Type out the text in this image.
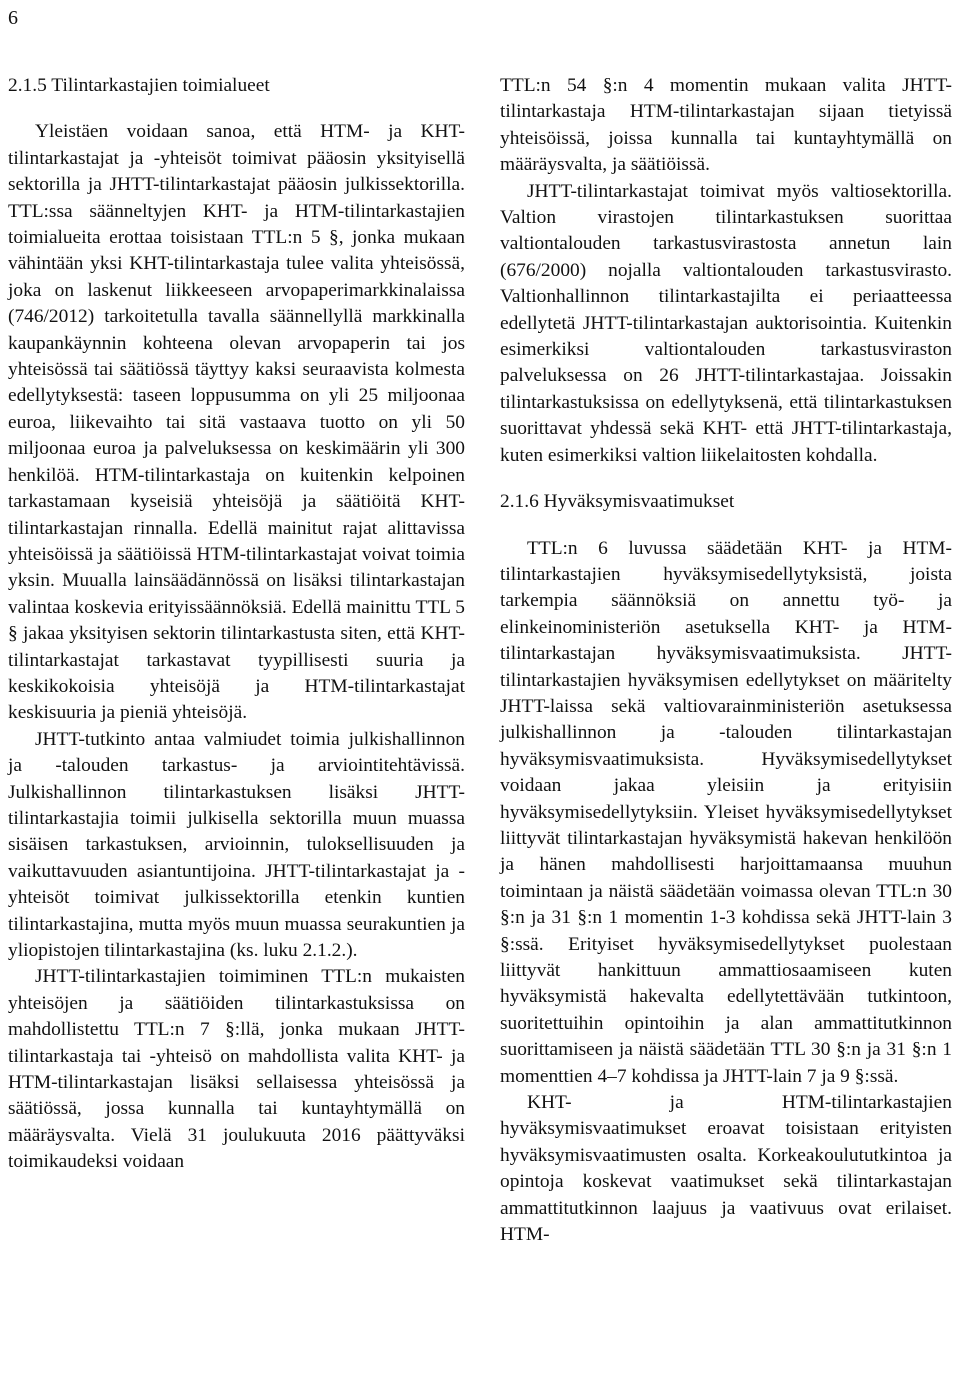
6
2.1.5 Tilintarkastajien toimialueet

Yleistäen voidaan sanoa, että HTM- ja KHT-tilintarkastajat ja -yhteisöt toimivat pääosin yksityisellä sektorilla ja JHTT-tilintarkastajat pääosin julkissektorilla. TTL:ssa säänneltyjen KHT- ja HTM-tilintarkastajien toimialueita erottaa toisistaan TTL:n 5 §, jonka mukaan vähintään yksi KHT-tilintarkastaja tulee valita yhteisössä, joka on laskenut liikkeeseen arvopaperimarkkinalaissa (746/2012) tarkoitetulla tavalla säännellyllä markkinalla kaupankäynnin kohteena olevan arvopaperin tai jos yhteisössä tai säätiössä täyttyy kaksi seuraavista kolmesta edellytyksestä: taseen loppusumma on yli 25 miljoonaa euroa, liikevaihto tai sitä vastaava tuotto on yli 50 miljoonaa euroa ja palveluksessa on keskimäärin yli 300 henkilöä. HTM-tilintarkastaja on kuitenkin kelpoinen tarkastamaan kyseisiä yhteisöjä ja säätiöitä KHT-tilintarkastajan rinnalla. Edellä mainitut rajat alittavissa yhteisöissä ja säätiöissä HTM-tilintarkastajat voivat toimia yksin. Muualla lainsäädännössä on lisäksi tilintarkastajan valintaa koskevia erityissäännöksiä. Edellä mainittu TTL 5 § jakaa yksityisen sektorin tilintarkastusta siten, että KHT-tilintarkastajat tarkastavat tyypillisesti suuria ja keskikokoisia yhteisöjä ja HTM-tilintarkastajat keskisuuria ja pieniä yhteisöjä.

JHTT-tutkinto antaa valmiudet toimia julkishallinnon ja -talouden tarkastus- ja arviointitehtävissä. Julkishallinnon tilintarkastuksen lisäksi JHTT-tilintarkastajia toimii julkisella sektorilla muun muassa sisäisen tarkastuksen, arvioinnin, tuloksellisuuden ja vaikuttavuuden asiantuntijoina. JHTT-tilintarkastajat ja -yhteisöt toimivat julkissektorilla etenkin kuntien tilintarkastajina, mutta myös muun muassa seurakuntien ja yliopistojen tilintarkastajina (ks. luku 2.1.2.).

JHTT-tilintarkastajien toimiminen TTL:n mukaisten yhteisöjen ja säätiöiden tilintarkastuksissa on mahdollistettu TTL:n 7 §:llä, jonka mukaan JHTT-tilintarkastaja tai -yhteisö on mahdollista valita KHT- ja HTM-tilintarkastajan lisäksi sellaisessa yhteisössä ja säätiössä, jossa kunnalla tai kuntayhtymällä on määräysvalta. Vielä 31 joulukuuta 2016 päättyväksi toimikaudeksi voidaan

TTL:n 54 §:n 4 momentin mukaan valita JHTT-tilintarkastaja HTM-tilintarkastajan sijaan tietyissä yhteisöissä, joissa kunnalla tai kuntayhtymällä on määräysvalta, ja säätiöissä.

JHTT-tilintarkastajat toimivat myös valtiosektorilla. Valtion virastojen tilintarkastuksen suorittaa valtiontalouden tarkastusvirastosta annetun lain (676/2000) nojalla valtiontalouden tarkastusvirasto. Valtionhallinnon tilintarkastajilta ei periaatteessa edellytetä JHTT-tilintarkastajan auktorisointia. Kuitenkin esimerkiksi valtiontalouden tarkastusviraston palveluksessa on 26 JHTT-tilintarkastajaa. Joissakin tilintarkastuksissa on edellytyksenä, että tilintarkastuksen suorittavat yhdessä sekä KHT- että JHTT-tilintarkastaja, kuten esimerkiksi valtion liikelaitosten kohdalla.

2.1.6 Hyväksymisvaatimukset

TTL:n 6 luvussa säädetään KHT- ja HTM-tilintarkastajien hyväksymisedellytyksistä, joista tarkempia säännöksiä on annettu työ- ja elinkeinoministeriön asetuksella KHT- ja HTM-tilintarkastajan hyväksymisvaatimuksista. JHTT-tilintarkastajien hyväksymisen edellytykset on määritelty JHTT-laissa sekä valtiovarainministeriön asetuksessa julkishallinnon ja -talouden tilintarkastajan hyväksymisvaatimuksista. Hyväksymisedellytykset voidaan jakaa yleisiin ja erityisiin hyväksymisedellytyksiin. Yleiset hyväksymisedellytykset liittyvät tilintarkastajan hyväksymistä hakevan henkilöön ja hänen mahdollisesti harjoittamaansa muuhun toimintaan ja näistä säädetään voimassa olevan TTL:n 30 §:n ja 31 §:n 1 momentin 1-3 kohdissa sekä JHTT-lain 3 §:ssä. Erityiset hyväksymisedellytykset puolestaan liittyvät hankittuun ammattiosaamiseen kuten hyväksymistä hakevalta edellytettävään tutkintoon, suoritettuihin opintoihin ja alan ammattitutkinnon suorittamiseen ja näistä säädetään TTL 30 §:n ja 31 §:n 1 momenttien 4–7 kohdissa ja JHTT-lain 7 ja 9 §:ssä.

KHT- ja HTM-tilintarkastajien hyväksymisvaatimukset eroavat toisistaan erityisten hyväksymisvaatimusten osalta. Korkeakoulututkintoa ja opintoja koskevat vaatimukset sekä tilintarkastajan ammattitutkinnon laajuus ja vaativuus ovat erilaiset. HTM-
